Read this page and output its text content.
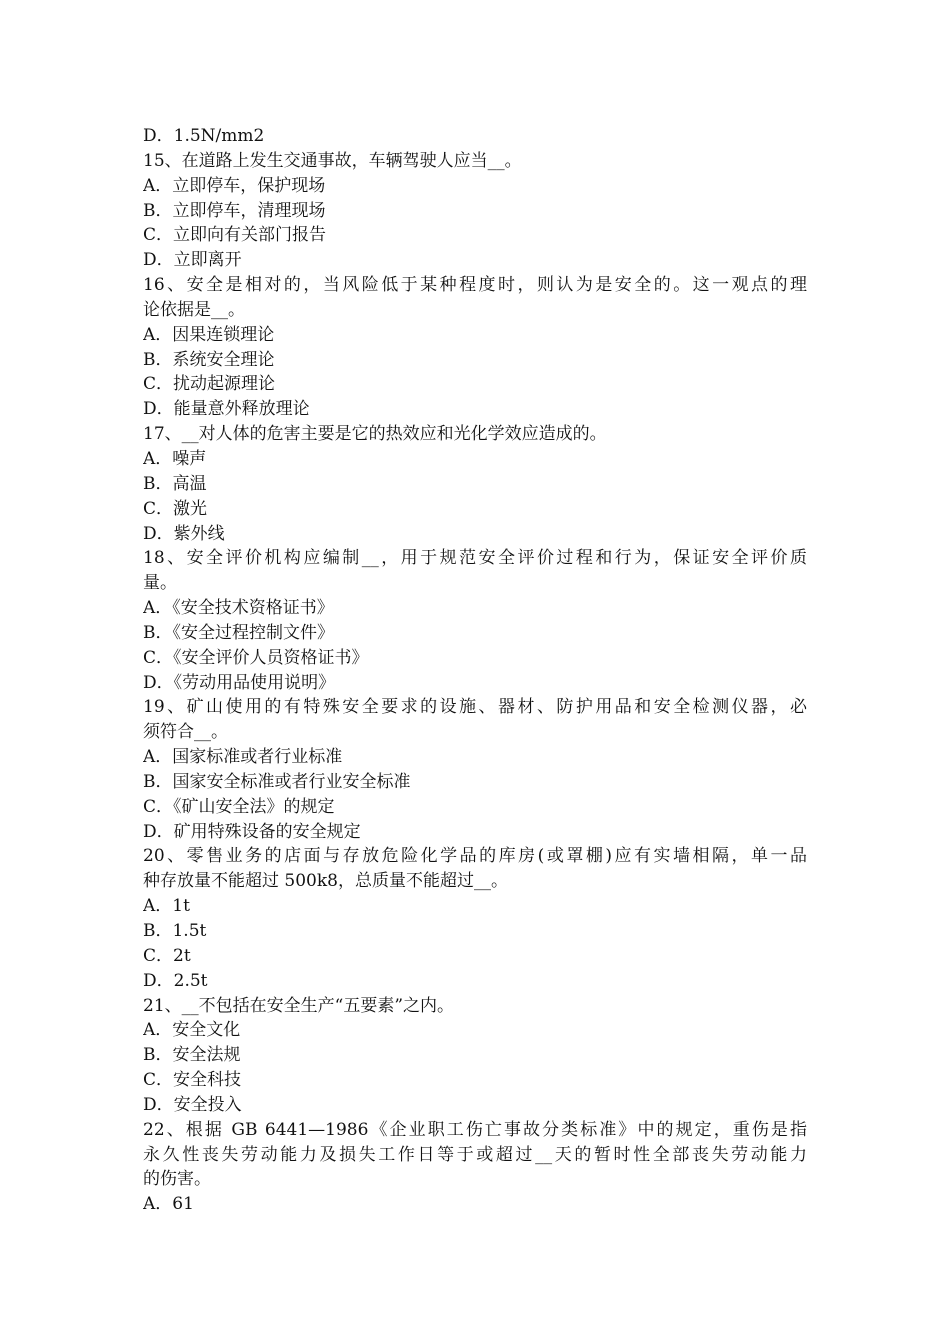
D．1.5N/mm2
15、在道路上发生交通事故，车辆驾驶人应当__。
A．立即停车，保护现场
B．立即停车，清理现场
C．立即向有关部门报告
D．立即离开
16、安全是相对的，当风险低于某种程度时，则认为是安全的。这一观点的理
论依据是__。
A．因果连锁理论
B．系统安全理论
C．扰动起源理论
D．能量意外释放理论
17、__对人体的危害主要是它的热效应和光化学效应造成的。
A．噪声
B．高温
C．激光
D．紫外线
18、安全评价机构应编制__，用于规范安全评价过程和行为，保证安全评价质
量。
A．《安全技术资格证书》
B．《安全过程控制文件》
C．《安全评价人员资格证书》
D．《劳动用品使用说明》
19、矿山使用的有特殊安全要求的设施、器材、防护用品和安全检测仪器，必
须符合__。
A．国家标准或者行业标准
B．国家安全标准或者行业安全标准
C．《矿山安全法》的规定
D．矿用特殊设备的安全规定
20、零售业务的店面与存放危险化学品的库房(或罩棚)应有实墙相隔，单一品
种存放量不能超过 500k8，总质量不能超过__。
A．1t
B．1.5t
C．2t
D．2.5t
21、__不包括在安全生产“五要素”之内。
A．安全文化
B．安全法规
C．安全科技
D．安全投入
22、根据 GB 6441—1986《企业职工伤亡事故分类标准》中的规定，重伤是指
永久性丧失劳动能力及损失工作日等于或超过__天的暂时性全部丧失劳动能力
的伤害。
A．61
